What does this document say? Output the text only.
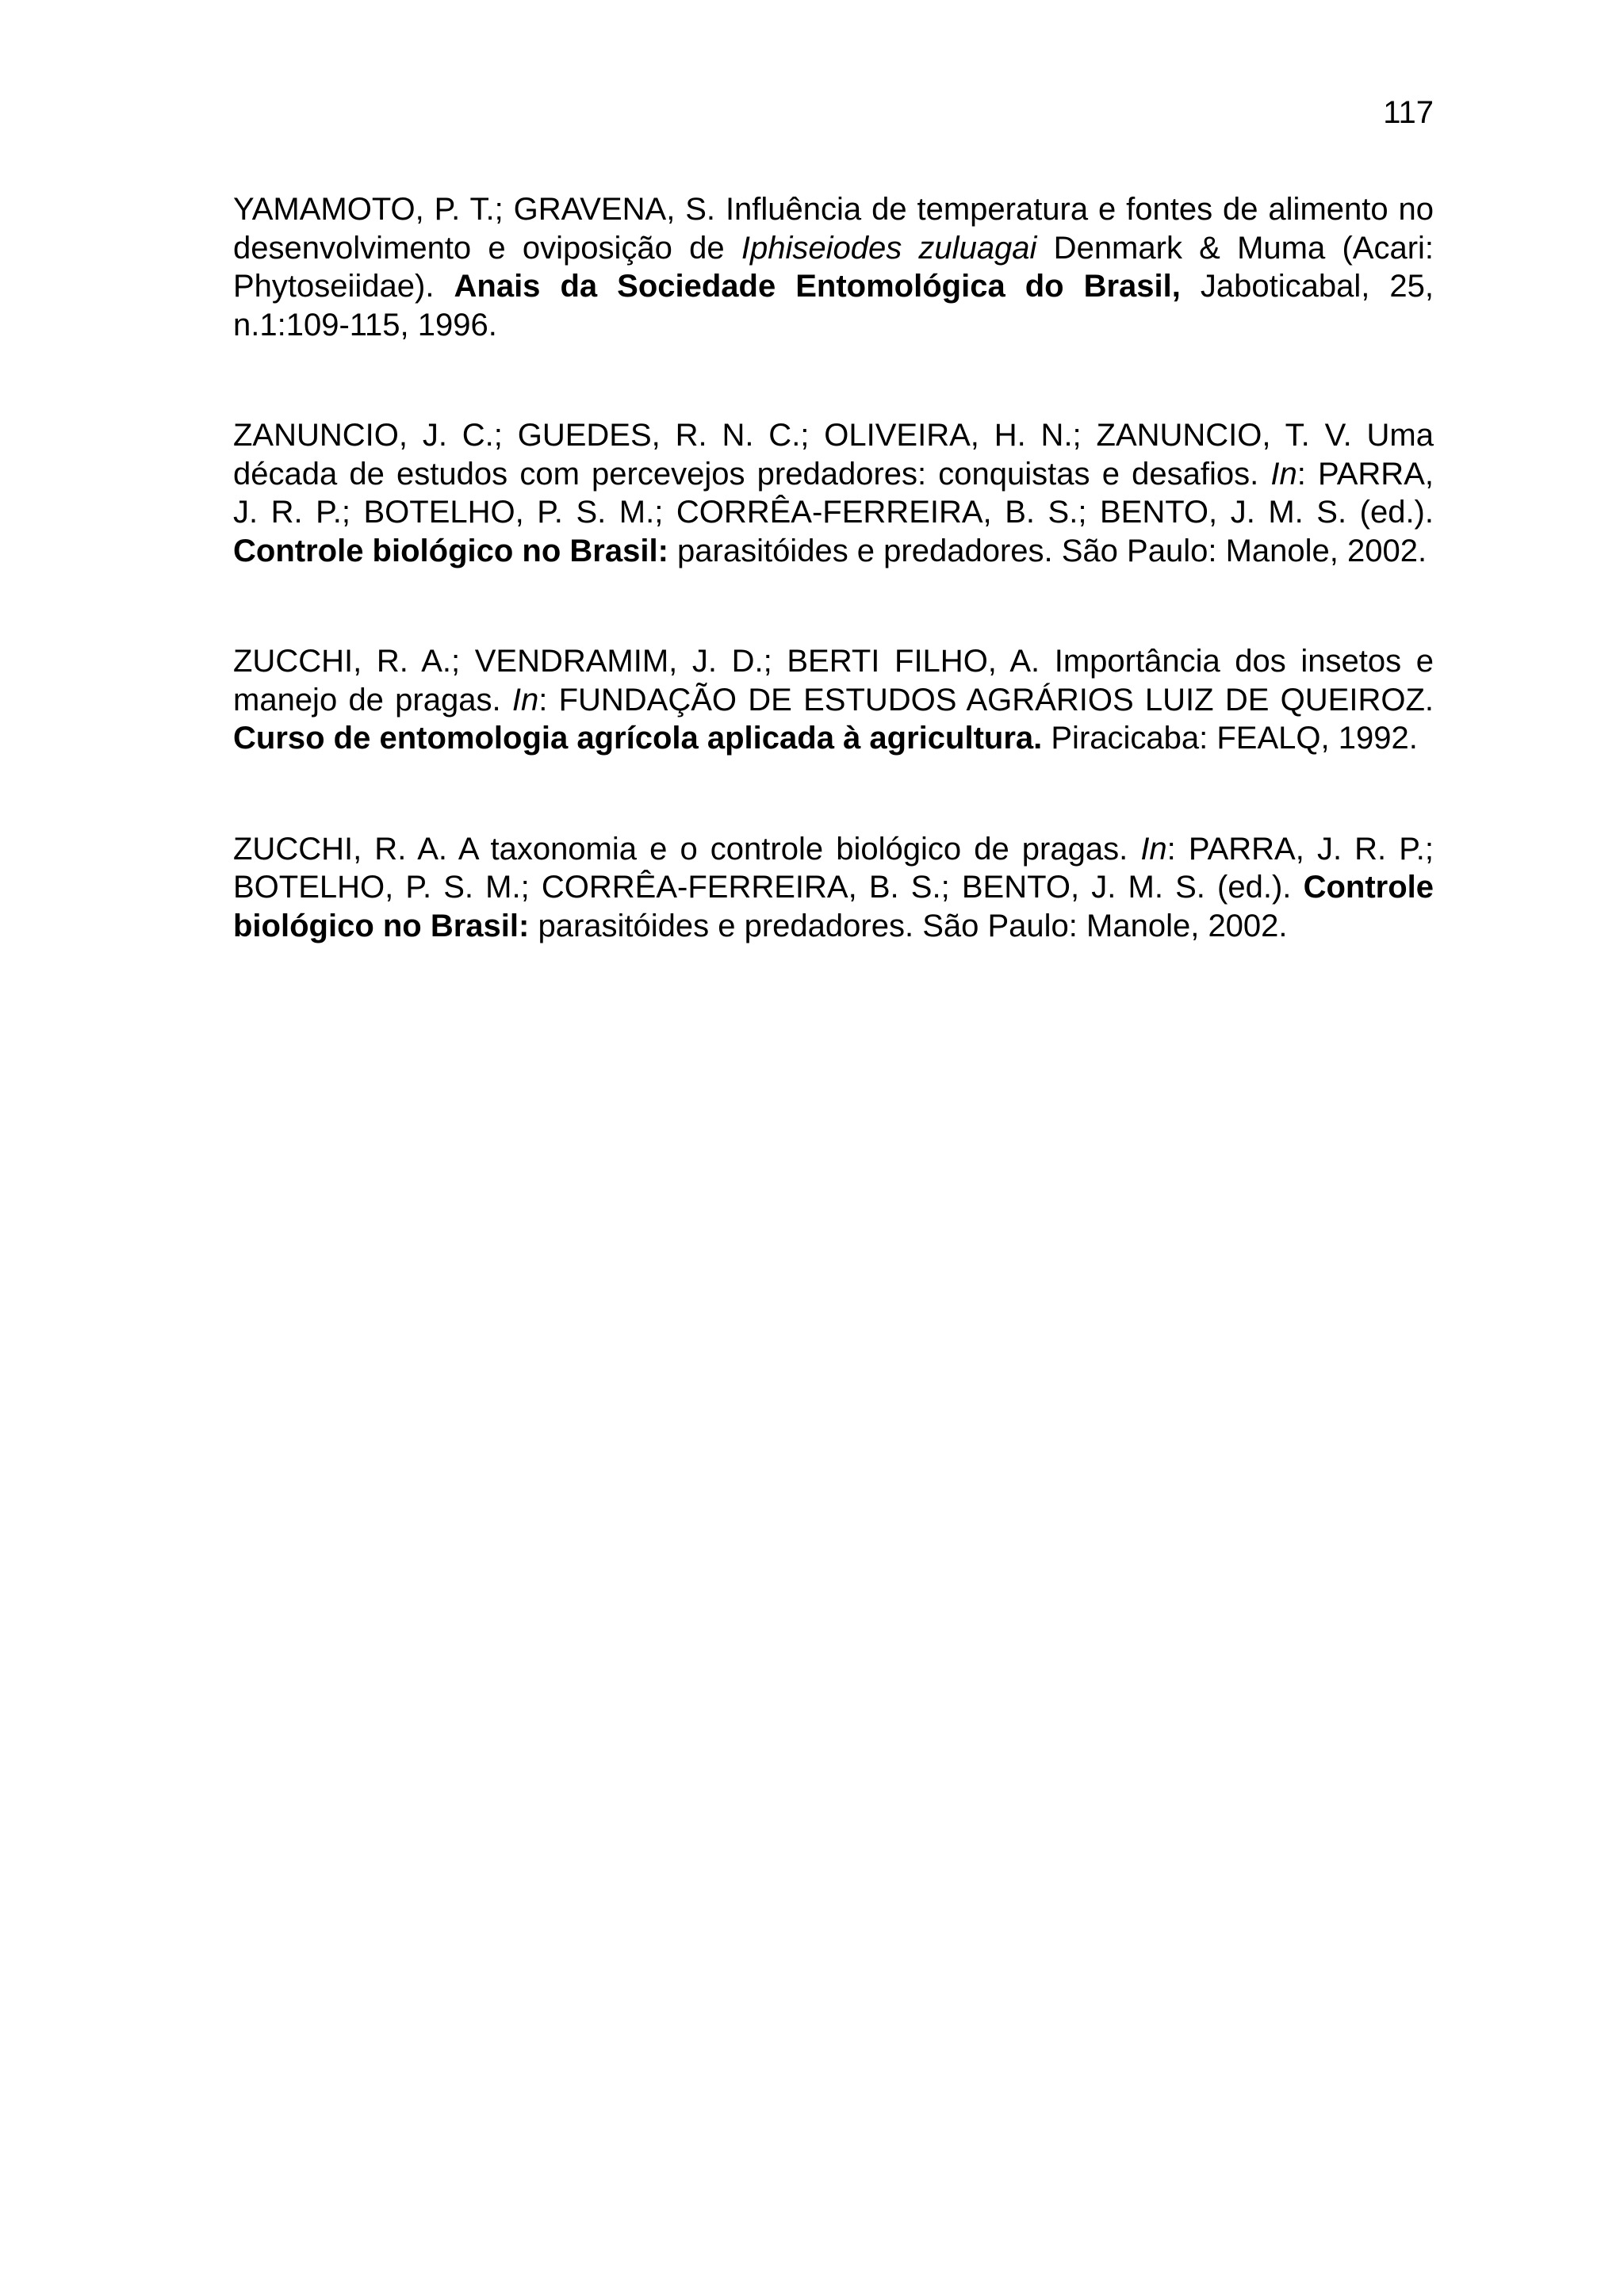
117

YAMAMOTO, P. T.; GRAVENA, S. Influência de temperatura e fontes de alimento no desenvolvimento e oviposição de Iphiseiodes zuluagai Denmark & Muma (Acari: Phytoseiidae). Anais da Sociedade Entomológica do Brasil, Jaboticabal, 25, n.1:109-115, 1996.

ZANUNCIO, J. C.; GUEDES, R. N. C.; OLIVEIRA, H. N.; ZANUNCIO, T. V. Uma década de estudos com percevejos predadores: conquistas e desafios. In: PARRA, J. R. P.; BOTELHO, P. S. M.; CORRÊA-FERREIRA, B. S.; BENTO, J. M. S. (ed.). Controle biológico no Brasil: parasitóides e predadores. São Paulo: Manole, 2002.

ZUCCHI, R. A.; VENDRAMIM, J. D.; BERTI FILHO, A. Importância dos insetos e manejo de pragas. In: FUNDAÇÃO DE ESTUDOS AGRÁRIOS LUIZ DE QUEIROZ. Curso de entomologia agrícola aplicada à agricultura. Piracicaba: FEALQ, 1992.

ZUCCHI, R. A. A taxonomia e o controle biológico de pragas. In: PARRA, J. R. P.; BOTELHO, P. S. M.; CORRÊA-FERREIRA, B. S.; BENTO, J. M. S. (ed.). Controle biológico no Brasil: parasitóides e predadores. São Paulo: Manole, 2002.
